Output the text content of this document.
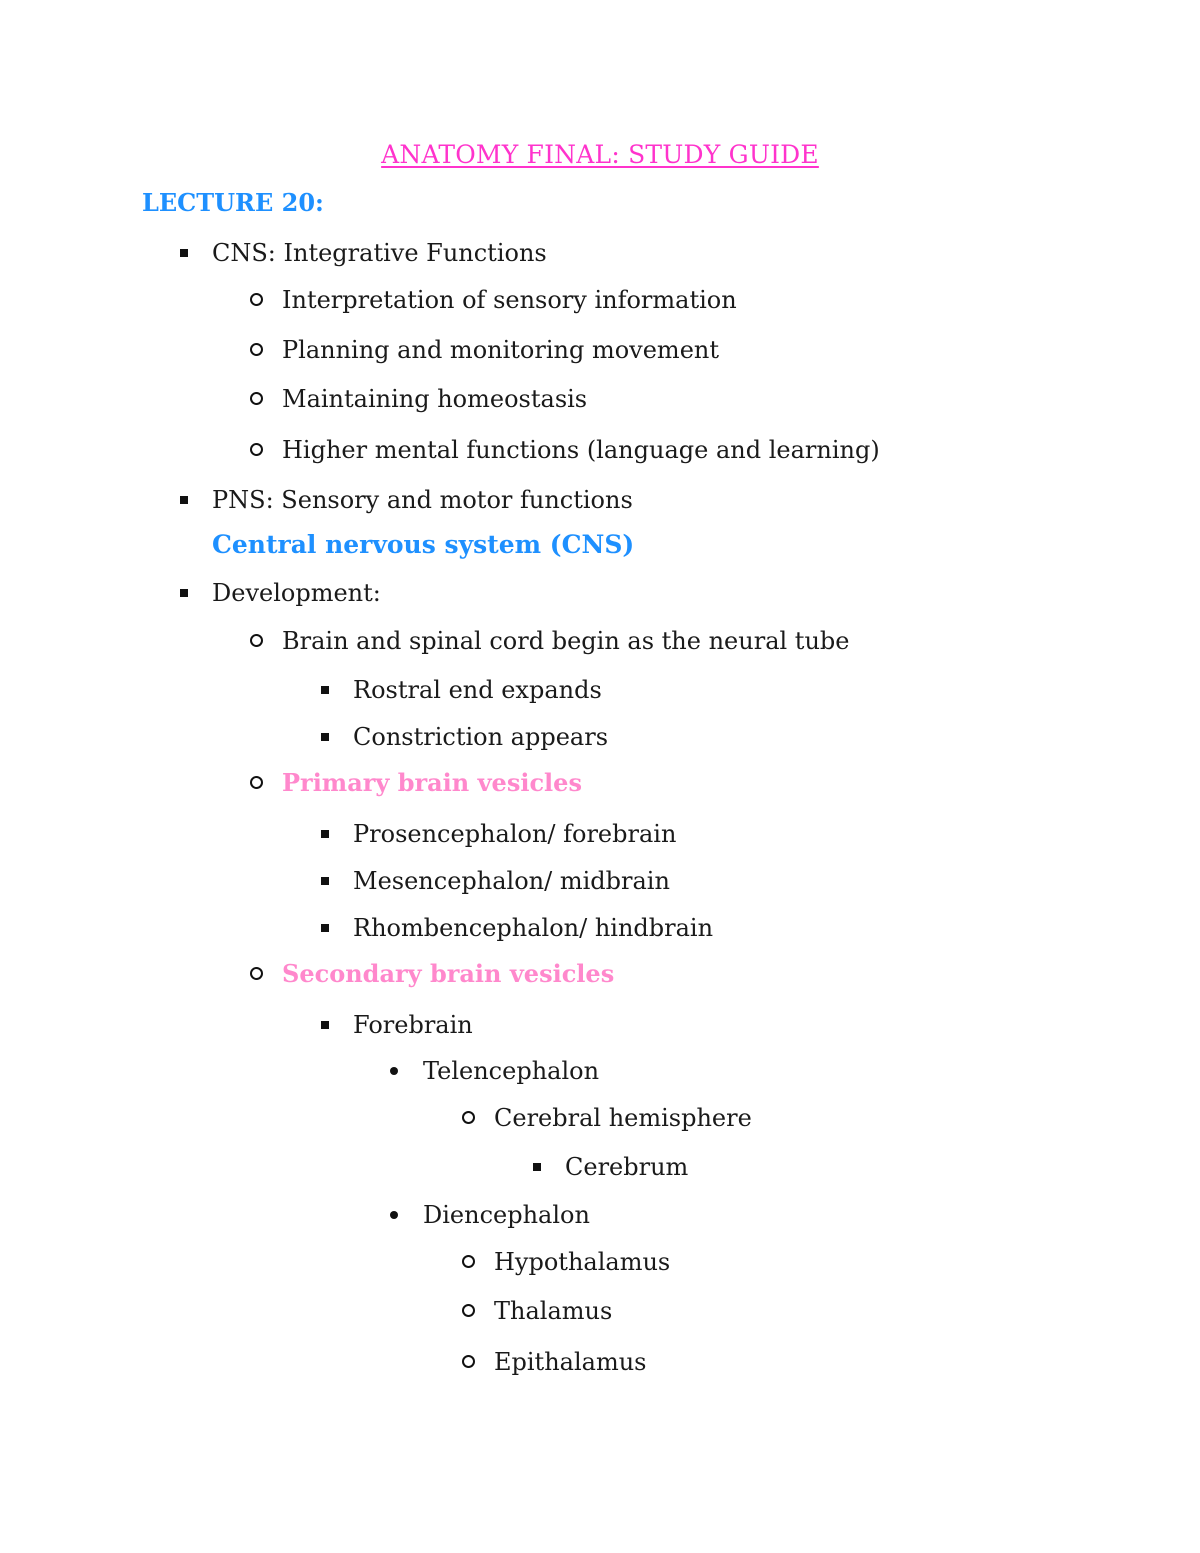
ANATOMY FINAL: STUDY GUIDE
LECTURE 20:
CNS: Integrative Functions
Interpretation of sensory information
Planning and monitoring movement
Maintaining homeostasis
Higher mental functions (language and learning)
PNS: Sensory and motor functions
Central nervous system (CNS)
Development:
Brain and spinal cord begin as the neural tube
Rostral end expands
Constriction appears
Primary brain vesicles
Prosencephalon/ forebrain
Mesencephalon/ midbrain
Rhombencephalon/ hindbrain
Secondary brain vesicles
Forebrain
Telencephalon
Cerebral hemisphere
Cerebrum
Diencephalon
Hypothalamus
Thalamus
Epithalamus
